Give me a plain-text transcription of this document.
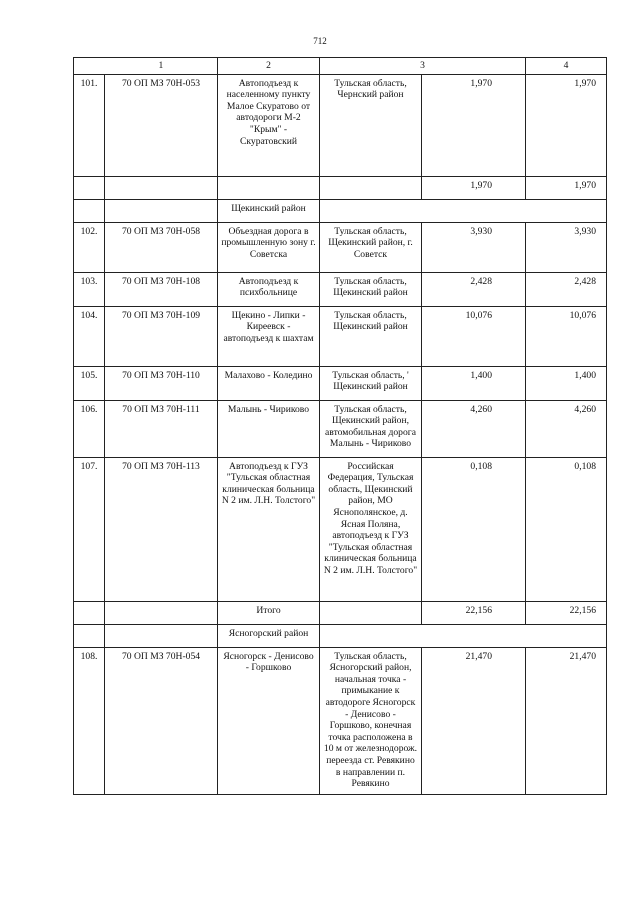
712
1		2	3		4
101.	70 ОП МЗ 70Н-053	Автоподъезд к населенному пункту Малое Скуратово от автодороги М-2 "Крым" - Скуратовский	Тульская область, Чернский район	1,970	1,970
				1,970	1,970
		Щекинский район			
102.	70 ОП МЗ 70Н-058	Объездная дорога в промышленную зону г. Советска	Тульская область, Щекинский район, г. Советск	3,930	3,930
103.	70 ОП МЗ 70Н-108	Автоподъезд к психбольнице	Тульская область, Щекинский район	2,428	2,428
104.	70 ОП МЗ 70Н-109	Щекино - Липки - Киреевск - автоподъезд к шахтам	Тульская область, Щекинский район	10,076	10,076
105.	70 ОП МЗ 70Н-110	Малахово - Коледино	Тульская область, ' Щекинский район	1,400	1,400
106.	70 ОП МЗ 70Н-111	Малынь - Чириково	Тульская область, Щекинский район, автомобильная дорога Малынь - Чириково	4,260	4,260
107.	70 ОП МЗ 70Н-113	Автоподъезд к ГУЗ "Тульская областная клиническая больница N 2 им. Л.Н. Толстого"	Российская Федерация, Тульская область, Щекинский район, МО Яснополянское, д. Ясная Поляна, автоподъезд к ГУЗ "Тульская областная клиническая больница N 2 им. Л.Н. Толстого"	0,108	0,108
		Итого		22,156	22,156
		Ясногорский район			
108.	70 ОП МЗ 70Н-054	Ясногорск - Денисово - Горшково	Тульская область, Ясногорский район, начальная точка - примыкание к автодороге Ясногорск - Денисово - Горшково, конечная точка расположена в 10 м от железнодорож. переезда ст. Ревякино в направлении п. Ревякино	21,470	21,470
